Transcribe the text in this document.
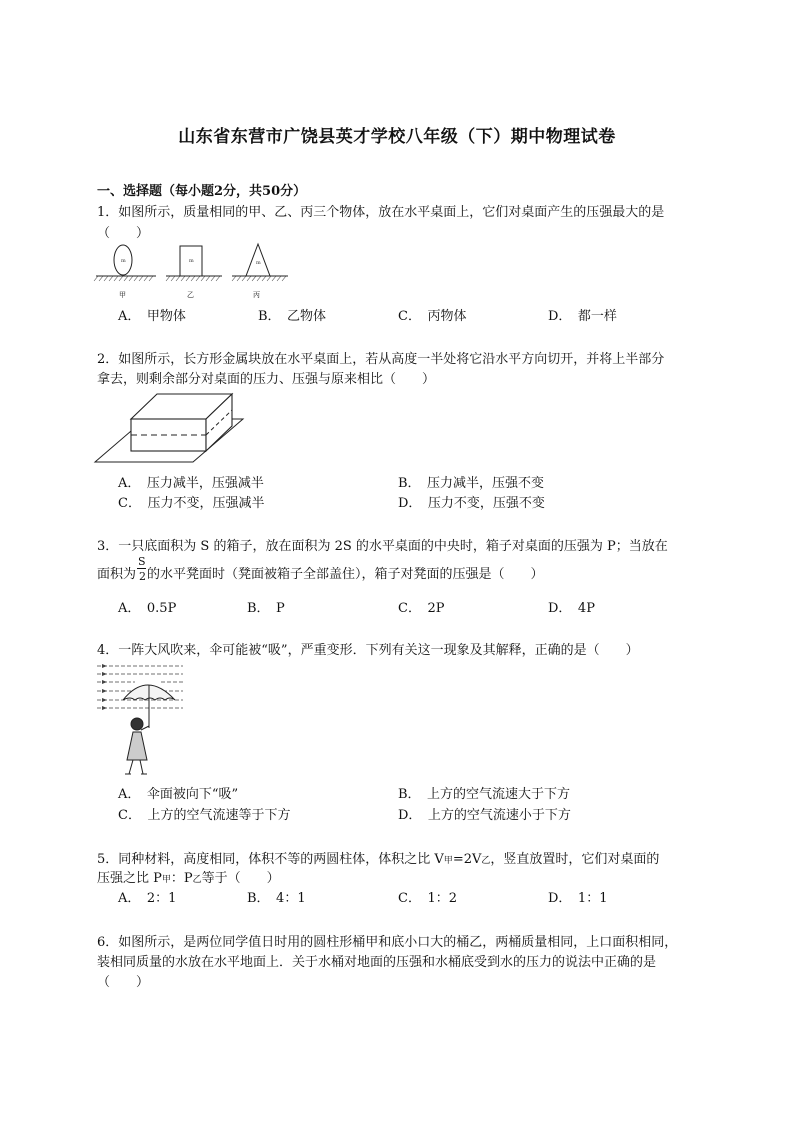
山东省东营市广饶县英才学校八年级（下）期中物理试卷
一、选择题（每小题2分，共50分）
1．如图所示，质量相同的甲、乙、丙三个物体，放在水平桌面上，它们对桌面产生的压强最大的是
（　　）
m	m	m
甲	乙	丙
A．　甲物体	B．　乙物体	C．　丙物体	D．　都一样
2．如图所示，长方形金属块放在水平桌面上，若从高度一半处将它沿水平方向切开，并将上半部分
拿去，则剩余部分对桌面的压力、压强与原来相比（　　）
A．　压力减半，压强减半	B．　压力减半，压强不变
C．　压力不变，压强减半	D．　压力不变，压强不变
3．一只底面积为 S 的箱子，放在面积为 2S 的水平桌面的中央时，箱子对桌面的压强为 P；当放在
面积为
S
2 的水平凳面时（凳面被箱子全部盖住），箱子对凳面的压强是（　　）
A．　0.5P	B．　P	C．　2P	D．　4P
4．一阵大风吹来，伞可能被“吸”，严重变形．下列有关这一现象及其解释，正确的是（　　）
A．　伞面被向下“吸”	B．　上方的空气流速大于下方
C．　上方的空气流速等于下方	D．　上方的空气流速小于下方
5．同种材料，高度相同，体积不等的两圆柱体，体积之比 V甲=2V乙，竖直放置时，它们对桌面的
压强之比 P甲：P乙等于（　　）
A．　2：1	B．　4：1	C．　1：2	D．　1：1
6．如图所示，是两位同学值日时用的圆柱形桶甲和底小口大的桶乙，两桶质量相同，上口面积相同，
装相同质量的水放在水平地面上．关于水桶对地面的压强和水桶底受到水的压力的说法中正确的是
（　　）
